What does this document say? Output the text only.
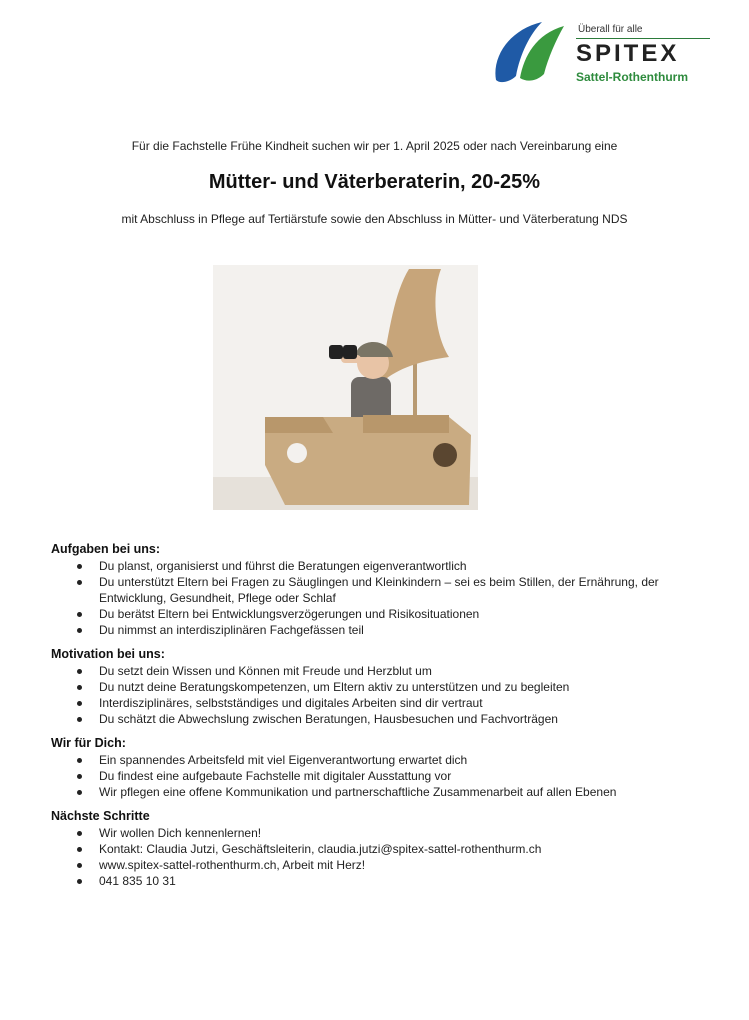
Überall für alle
SPITEX
Sattel-Rothenthurm
Für die Fachstelle Frühe Kindheit suchen wir per 1. April 2025 oder nach Vereinbarung eine
Mütter- und Väterberaterin, 20-25%
mit Abschluss in Pflege auf Tertiärstufe sowie den Abschluss in Mütter- und Väterberatung NDS
Aufgaben bei uns:
Du planst, organisierst und führst die Beratungen eigenverantwortlich
Du unterstützt Eltern bei Fragen zu Säuglingen und Kleinkindern – sei es beim Stillen, der Ernährung, der Entwicklung, Gesundheit, Pflege oder Schlaf
Du berätst Eltern bei Entwicklungsverzögerungen und Risikosituationen
Du nimmst an interdisziplinären Fachgefässen teil
Motivation bei uns:
Du setzt dein Wissen und Können mit Freude und Herzblut um
Du nutzt deine Beratungskompetenzen, um Eltern aktiv zu unterstützen und zu begleiten
Interdisziplinäres, selbstständiges und digitales Arbeiten sind dir vertraut
Du schätzt die Abwechslung zwischen Beratungen, Hausbesuchen und Fachvorträgen
Wir für Dich:
Ein spannendes Arbeitsfeld mit viel Eigenverantwortung erwartet dich
Du findest eine aufgebaute Fachstelle mit digitaler Ausstattung vor
Wir pflegen eine offene Kommunikation und partnerschaftliche Zusammenarbeit auf allen Ebenen
Nächste Schritte
Wir wollen Dich kennenlernen!
Kontakt: Claudia Jutzi, Geschäftsleiterin, claudia.jutzi@spitex-sattel-rothenthurm.ch
www.spitex-sattel-rothenthurm.ch, Arbeit mit Herz!
041 835 10 31
